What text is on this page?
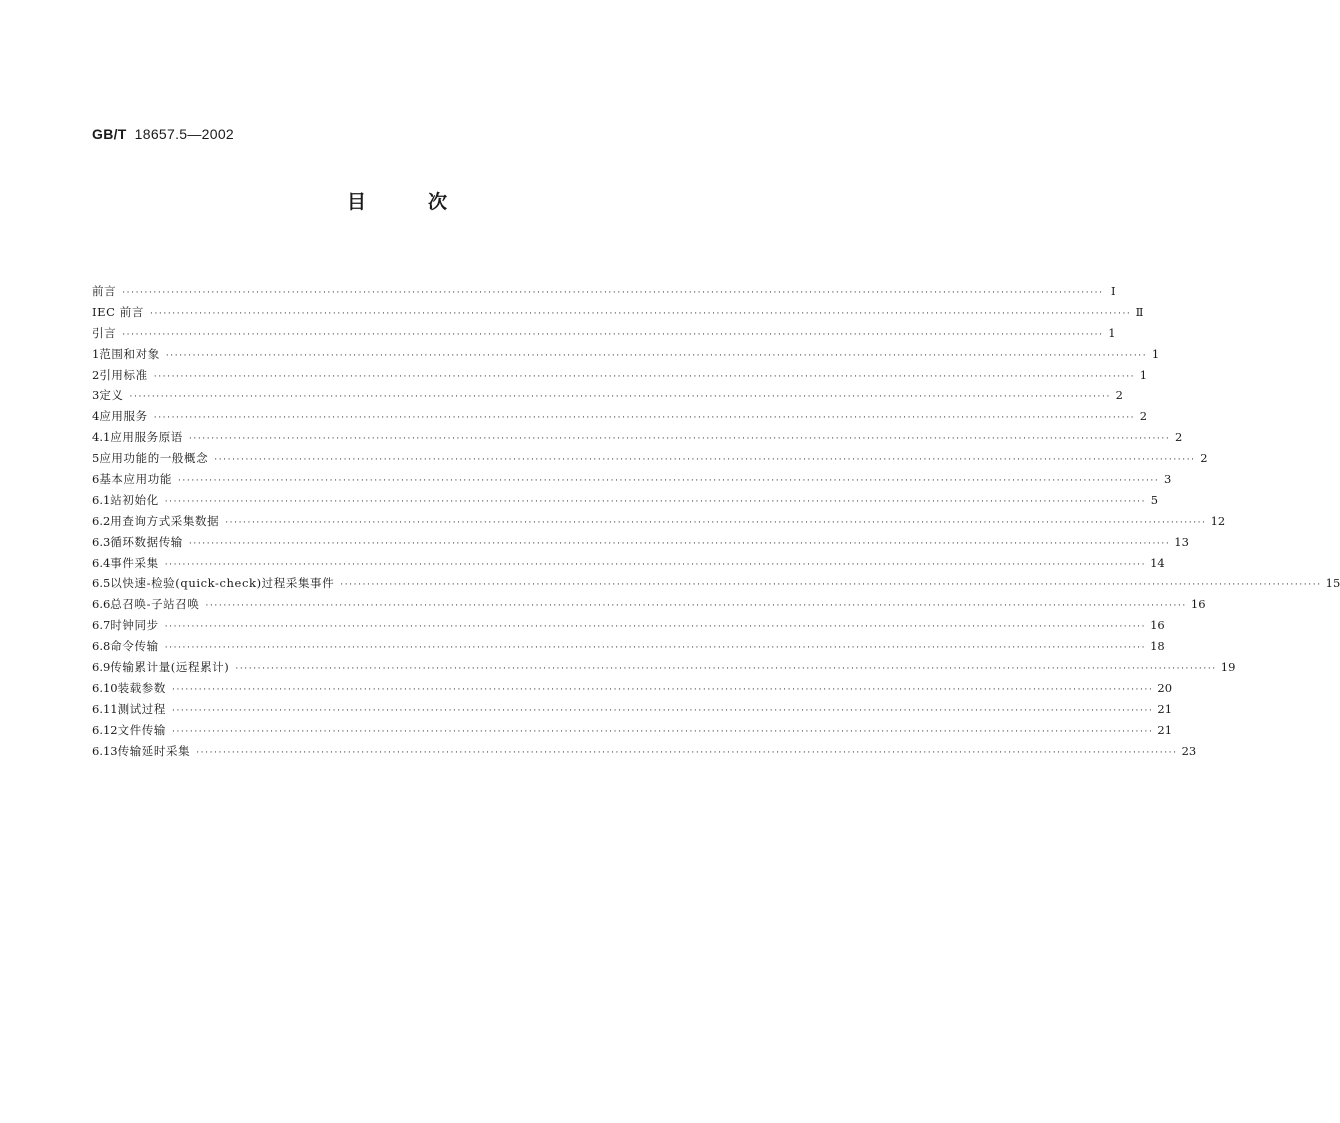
GB/T 18657.5—2002
目次
前言 ···························································································································································································································· Ⅰ
IEC 前言 ···························································································································································································································· Ⅱ
引言 ···························································································································································································································· 1
1 范围和对象 ···························································································································································································································· 1
2 引用标准 ···························································································································································································································· 1
3 定义 ···························································································································································································································· 2
4 应用服务 ···························································································································································································································· 2
4.1 应用服务原语 ···························································································································································································································· 2
5 应用功能的一般概念 ···························································································································································································································· 2
6 基本应用功能 ···························································································································································································································· 3
6.1 站初始化 ···························································································································································································································· 5
6.2 用查询方式采集数据 ···························································································································································································································· 12
6.3 循环数据传输 ···························································································································································································································· 13
6.4 事件采集 ···························································································································································································································· 14
6.5 以快速-检验(quick-check)过程采集事件 ···························································································································································································································· 15
6.6 总召唤-子站召唤 ···························································································································································································································· 16
6.7 时钟同步 ···························································································································································································································· 16
6.8 命令传输 ···························································································································································································································· 18
6.9 传输累计量(远程累计) ···························································································································································································································· 19
6.10 装载参数 ···························································································································································································································· 20
6.11 测试过程 ···························································································································································································································· 21
6.12 文件传输 ···························································································································································································································· 21
6.13 传输延时采集 ···························································································································································································································· 23
